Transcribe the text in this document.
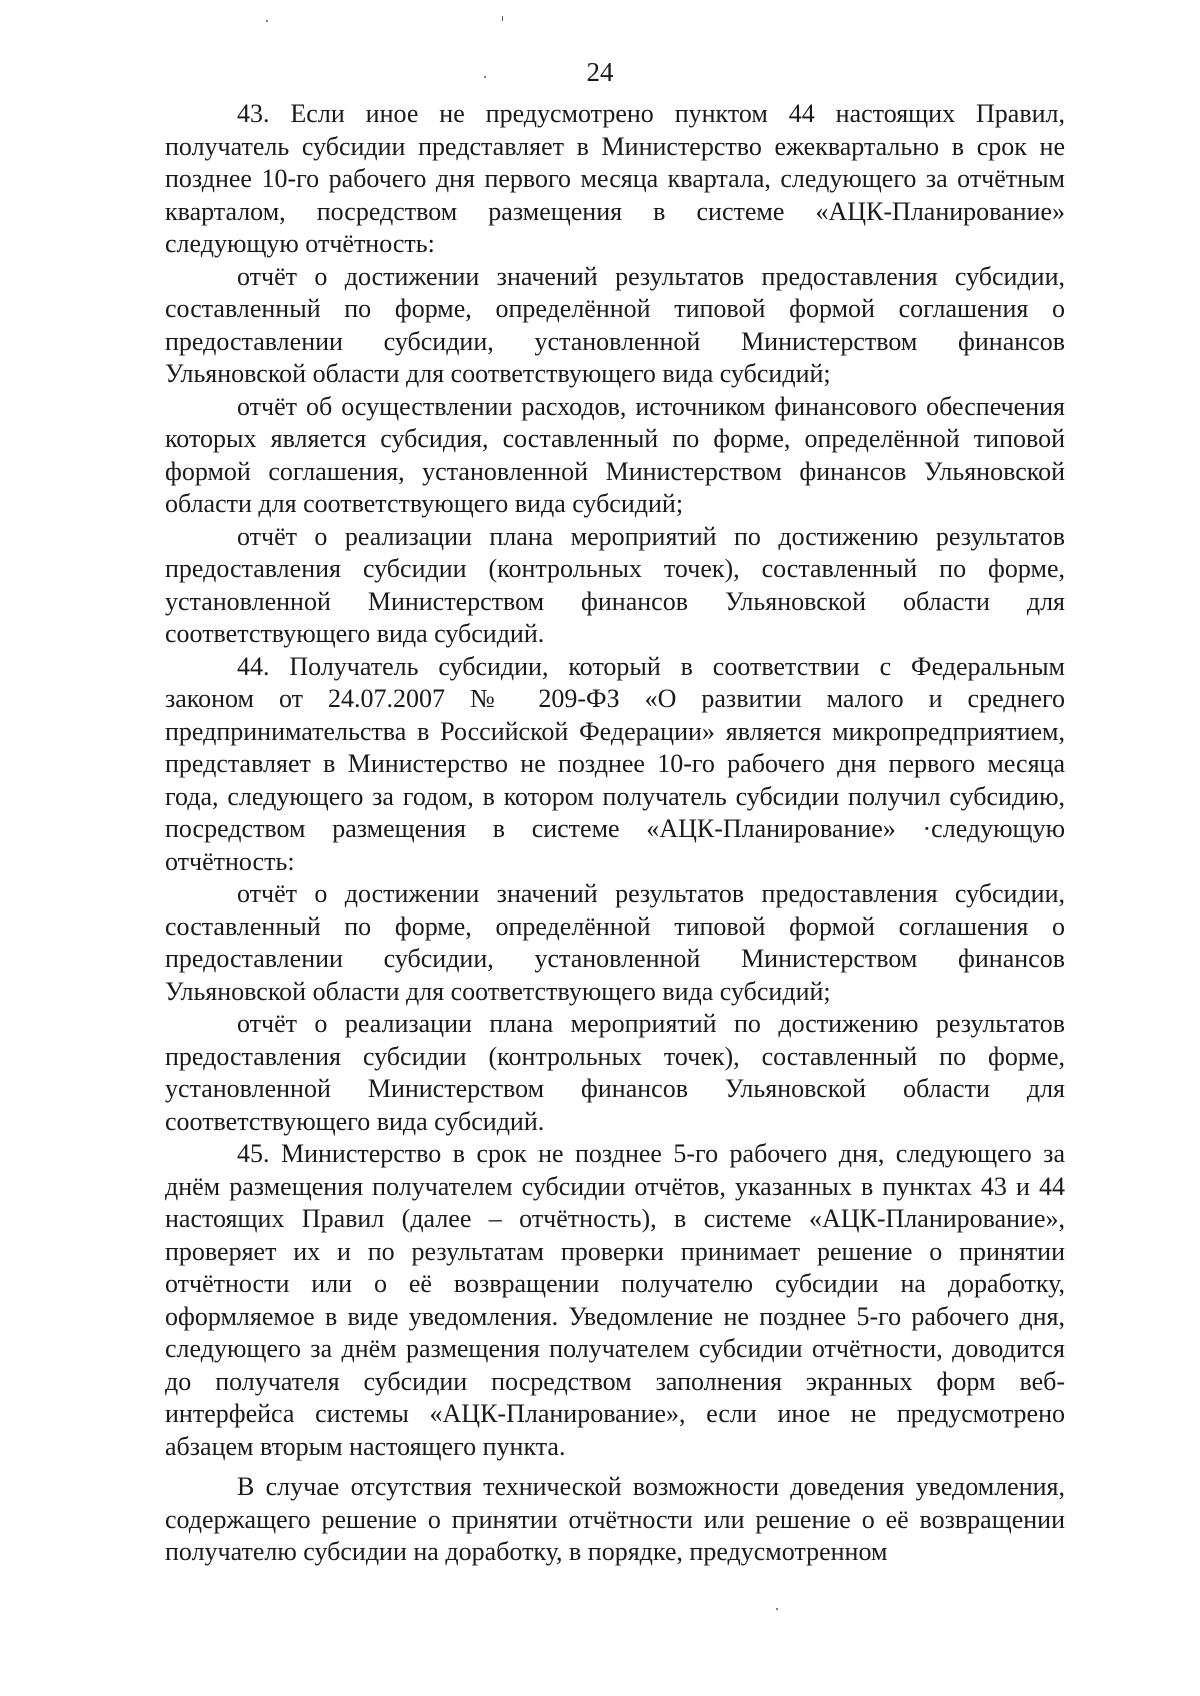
24

43. Если иное не предусмотрено пунктом 44 настоящих Правил, получатель субсидии представляет в Министерство ежеквартально в срок не позднее 10-го рабочего дня первого месяца квартала, следующего за отчётным кварталом, посредством размещения в системе «АЦК-Планирование» следующую отчётность:

отчёт о достижении значений результатов предоставления субсидии, составленный по форме, определённой типовой формой соглашения о предоставлении субсидии, установленной Министерством финансов Ульяновской области для соответствующего вида субсидий;

отчёт об осуществлении расходов, источником финансового обеспечения которых является субсидия, составленный по форме, определённой типовой формой соглашения, установленной Министерством финансов Ульяновской области для соответствующего вида субсидий;

отчёт о реализации плана мероприятий по достижению результатов предоставления субсидии (контрольных точек), составленный по форме, установленной Министерством финансов Ульяновской области для соответствующего вида субсидий.

44. Получатель субсидии, который в соответствии с Федеральным законом от 24.07.2007 № 209-ФЗ «О развитии малого и среднего предпринимательства в Российской Федерации» является микропредприятием, представляет в Министерство не позднее 10-го рабочего дня первого месяца года, следующего за годом, в котором получатель субсидии получил субсидию, посредством размещения в системе «АЦК-Планирование» ·следующую отчётность:

отчёт о достижении значений результатов предоставления субсидии, составленный по форме, определённой типовой формой соглашения о предоставлении субсидии, установленной Министерством финансов Ульяновской области для соответствующего вида субсидий;

отчёт о реализации плана мероприятий по достижению результатов предоставления субсидии (контрольных точек), составленный по форме, установленной Министерством финансов Ульяновской области для соответствующего вида субсидий.

45. Министерство в срок не позднее 5-го рабочего дня, следующего за днём размещения получателем субсидии отчётов, указанных в пунктах 43 и 44 настоящих Правил (далее – отчётность), в системе «АЦК-Планирование», проверяет их и по результатам проверки принимает решение о принятии отчётности или о её возвращении получателю субсидии на доработку, оформляемое в виде уведомления. Уведомление не позднее 5-го рабочего дня, следующего за днём размещения получателем субсидии отчётности, доводится до получателя субсидии посредством заполнения экранных форм веб-интерфейса системы «АЦК-Планирование», если иное не предусмотрено абзацем вторым настоящего пункта.

В случае отсутствия технической возможности доведения уведомления, содержащего решение о принятии отчётности или решение о её возвращении получателю субсидии на доработку, в порядке, предусмотренном
